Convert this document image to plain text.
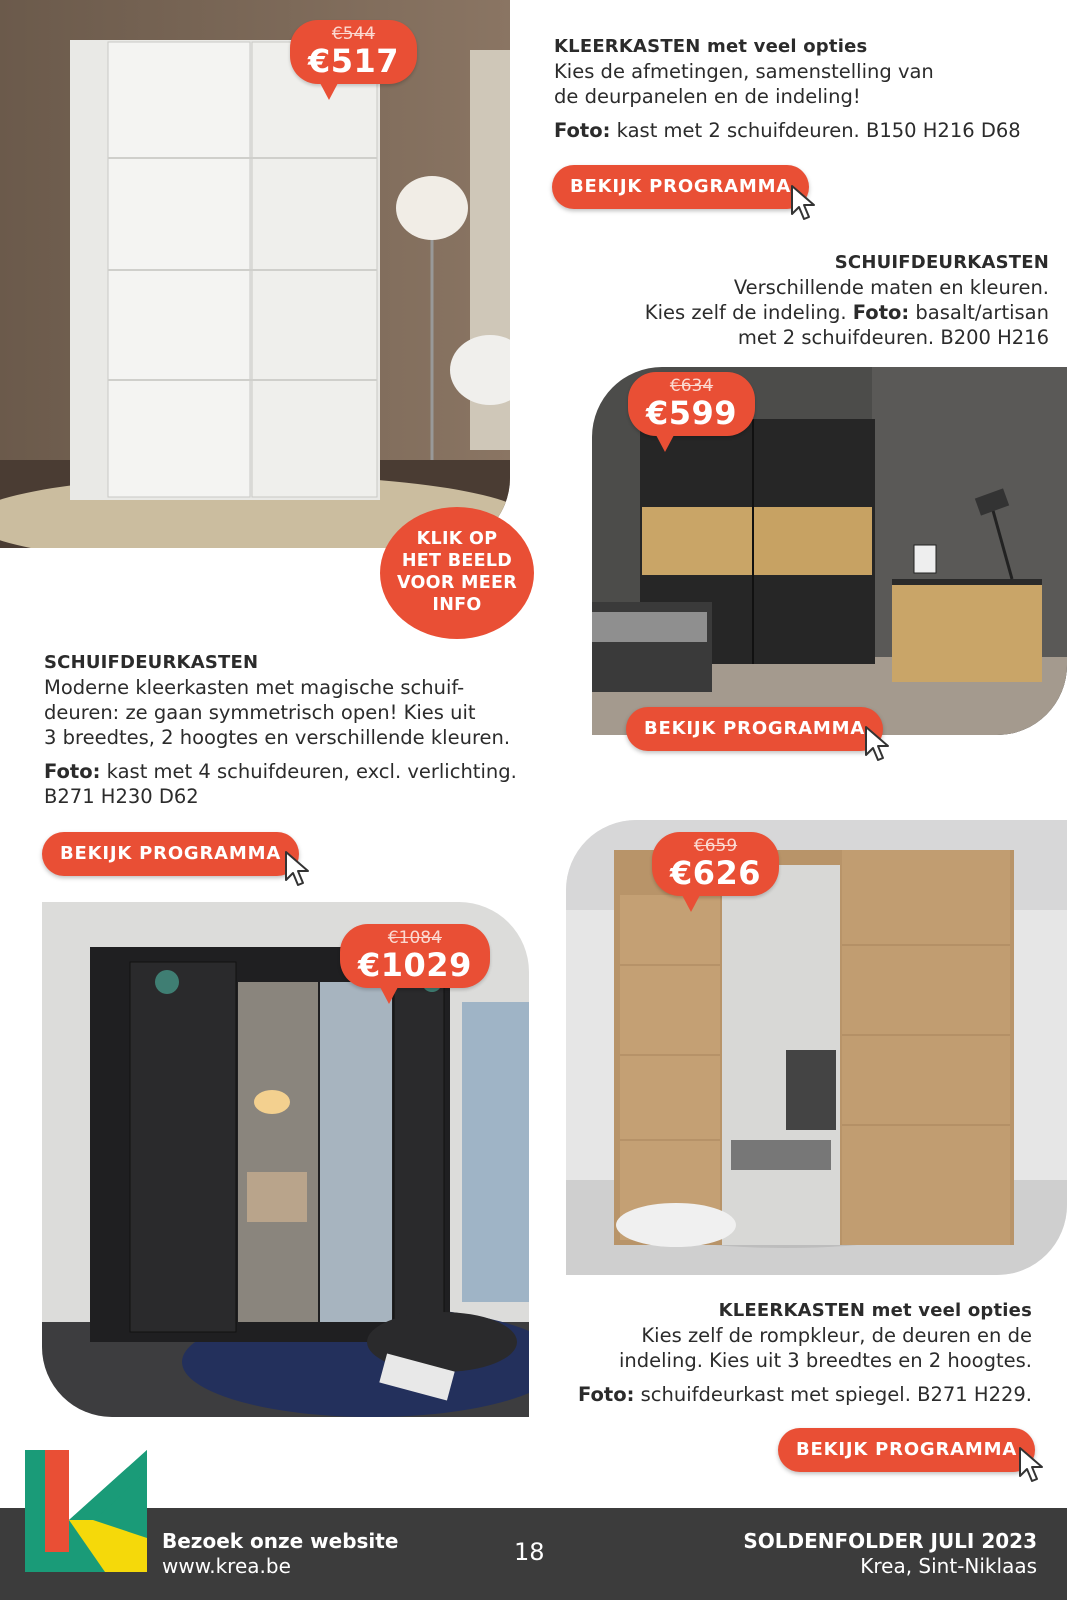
€544
€517	KLEERKASTEN met veel opties

Kies de afmetingen, samenstelling van

de deurpanelen en de indeling!

Foto: kast met 2 schuifdeuren. B150 H216 D68

BEKIJK PROGRAMMA
SCHUIFDEURKASTEN

Verschillende maten en kleuren.

Kies zelf de indeling. Foto: basalt/artisan

met 2 schuifdeuren. B200 H216

€634
€599
BEKIJK PROGRAMMA
KLIK OP
HET BEELD
VOOR MEER
INFO
SCHUIFDEURKASTEN

Moderne kleerkasten met magische schuif-

deuren: ze gaan symmetrisch open! Kies uit

3 breedtes, 2 hoogtes en verschillende kleuren.

Foto: kast met 4 schuifdeuren, excl. verlichting.

B271 H230 D62

BEKIJK PROGRAMMA
€1084
€1029
€659
€626
KLEERKASTEN met veel opties

Kies zelf de rompkleur, de deuren en de

indeling. Kies uit 3 breedtes en 2 hoogtes.

Foto: schuifdeurkast met spiegel. B271 H229.

BEKIJK PROGRAMMA
Bezoek onze website
www.krea.be	18	SOLDENFOLDER JULI 2023
Krea, Sint-Niklaas
